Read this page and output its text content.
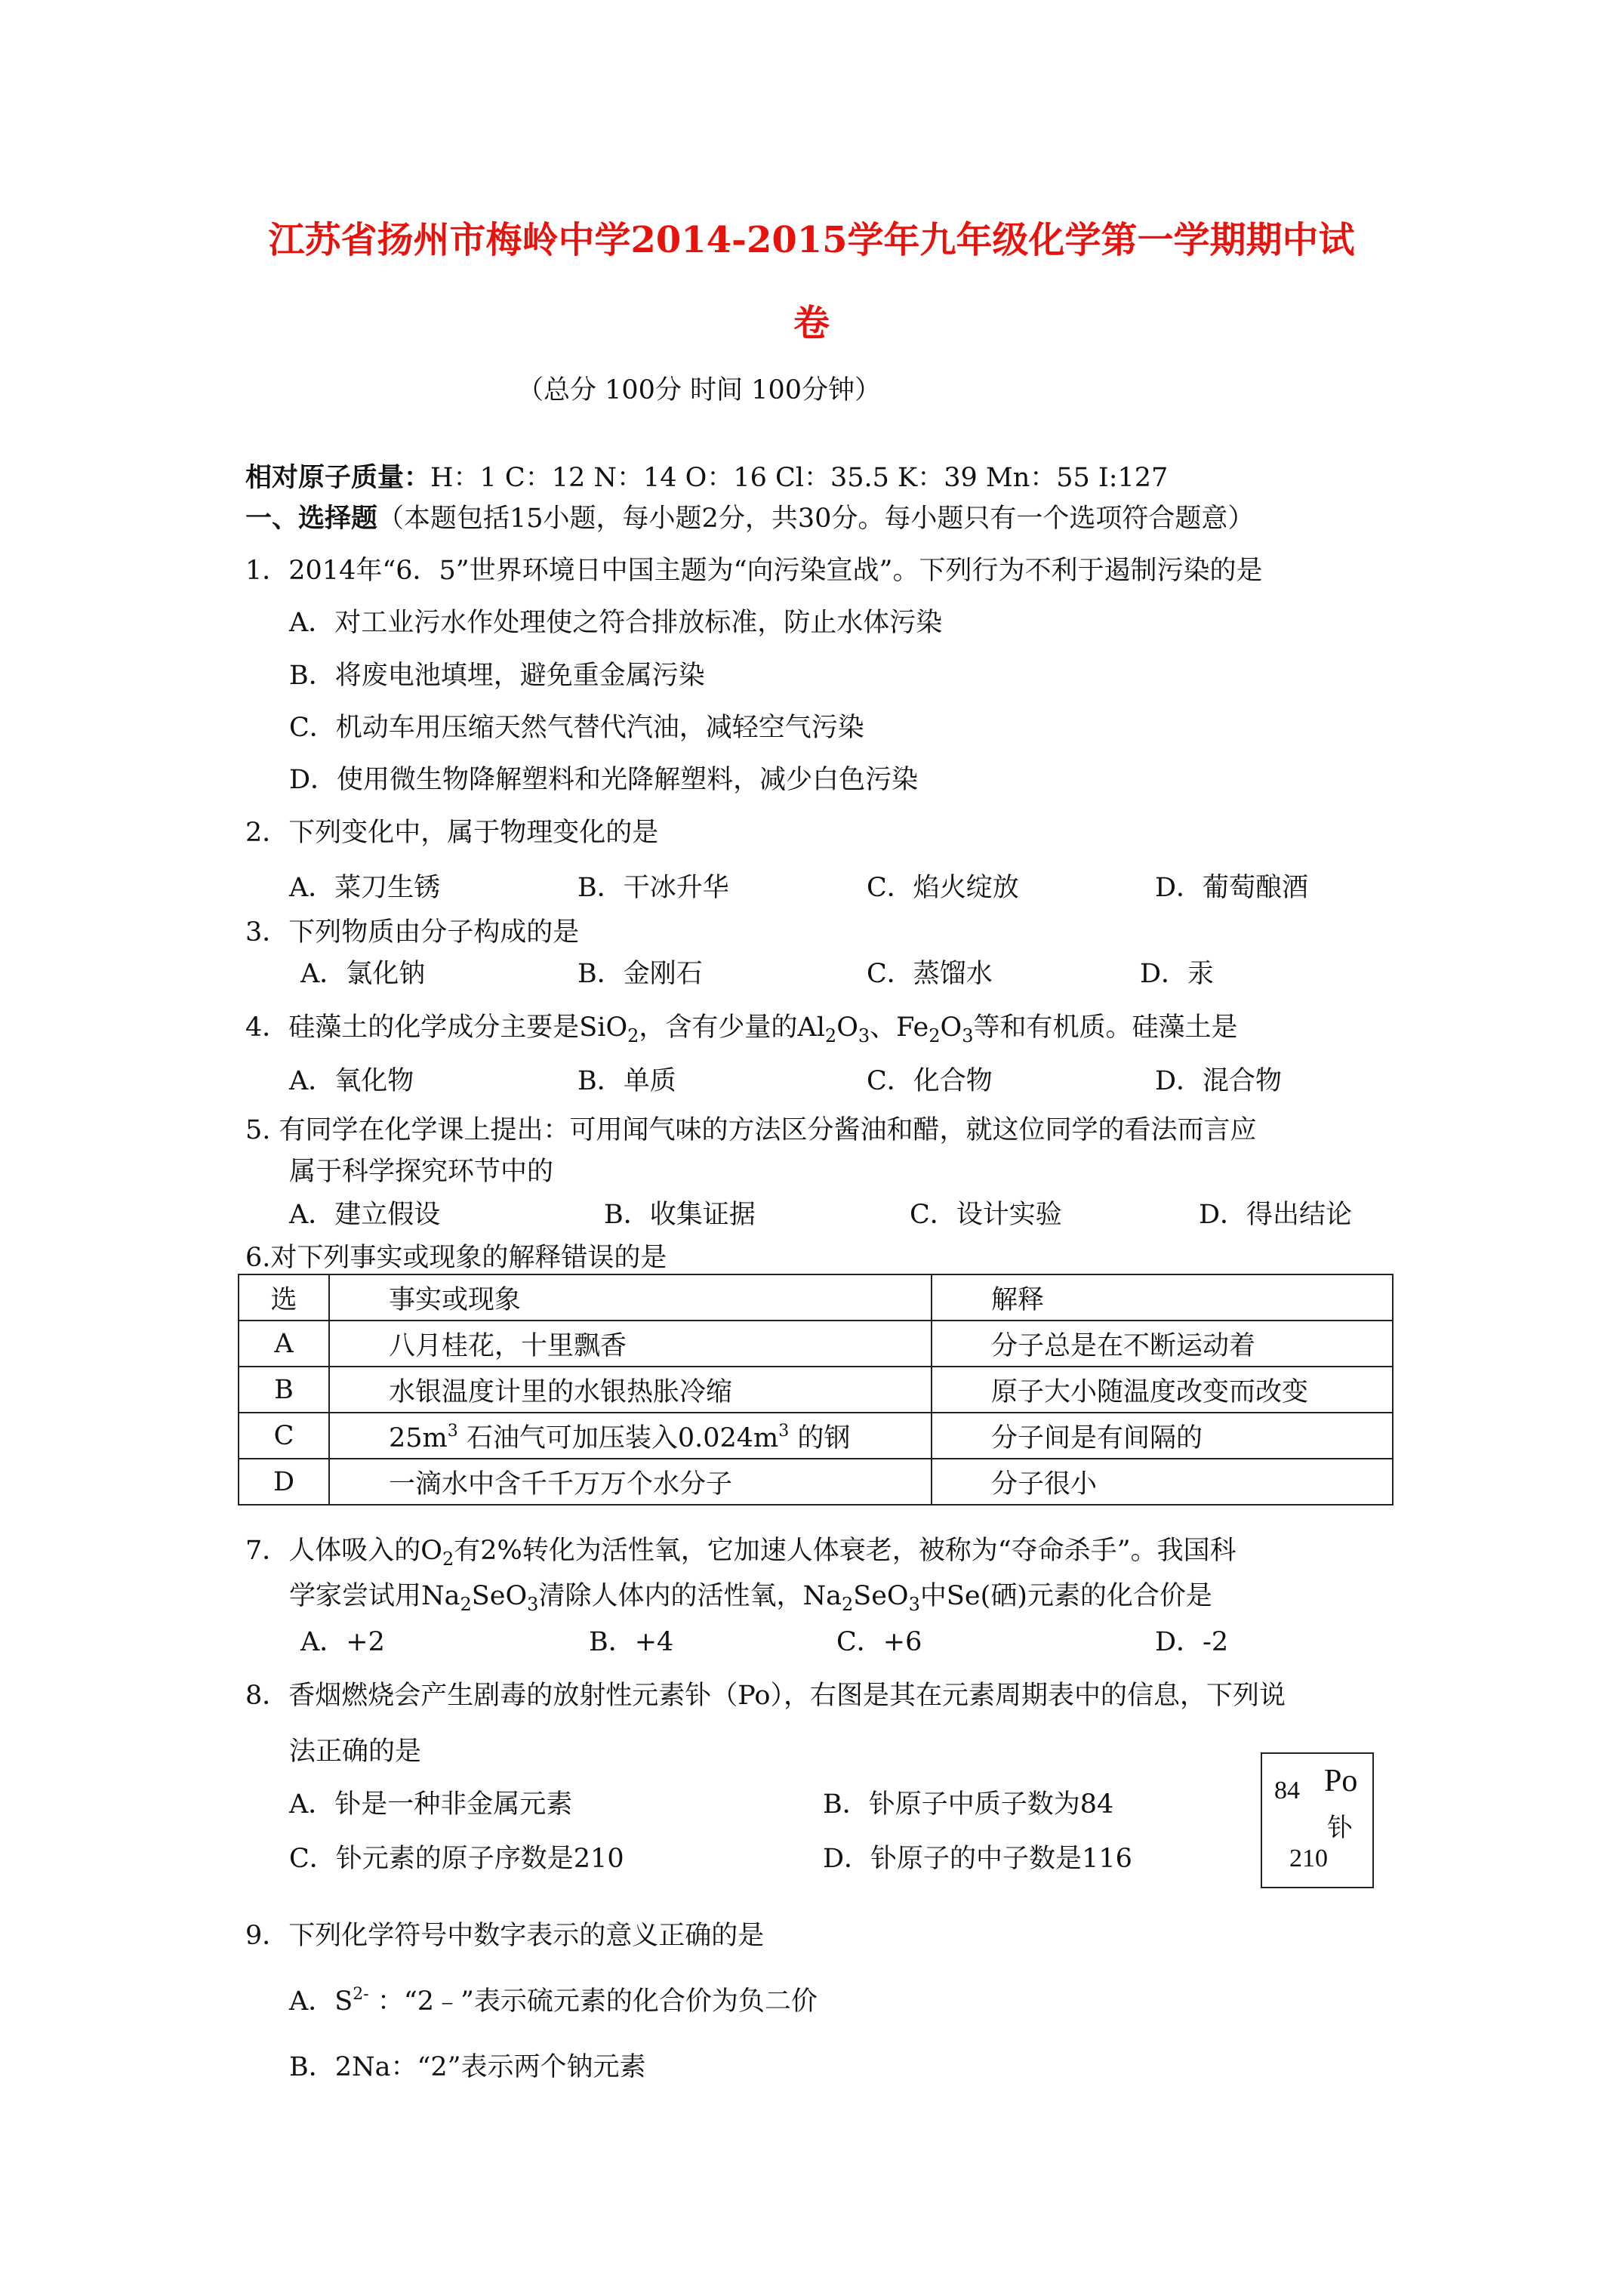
江苏省扬州市梅岭中学2014-2015学年九年级化学第一学期期中试
卷

（总分 100分 时间 100分钟）

相对原子质量：H：1 C：12 N：14 O：16 Cl：35.5 K：39 Mn：55 I:127

一、选择题（本题包括15小题，每小题2分，共30分。每小题只有一个选项符合题意）

1．2014年“6．5”世界环境日中国主题为“向污染宣战”。下列行为不利于遏制污染的是

A．对工业污水作处理使之符合排放标准，防止水体污染

B．将废电池填埋，避免重金属污染

C．机动车用压缩天然气替代汽油，减轻空气污染

D．使用微生物降解塑料和光降解塑料，减少白色污染

2．下列变化中，属于物理变化的是

A．菜刀生锈	B．干冰升华	C．焰火绽放	D．葡萄酿酒

3．下列物质由分子构成的是

A．氯化钠	B．金刚石	C．蒸馏水	D．汞

4．硅藻土的化学成分主要是SiO$_2$，含有少量的$Al_2O_3$、$Fe_2O_3$等和有机质。硅藻土是

A．氧化物	B．单质	C．化合物	D．混合物

5. 有同学在化学课上提出：可用闻气味的方法区分酱油和醋，就这位同学的看法而言应

属于科学探究环节中的

A．建立假设	B．收集证据	C．设计实验	D．得出结论

6.对下列事实或现象的解释错误的是

选	事实或现象	解释
A	八月桂花，十里飘香	分子总是在不断运动着
B	水银温度计里的水银热胀冷缩	原子大小随温度改变而改变
C	$25m^3$ 石油气可加压装入$0.024m^3$ 的钢	分子间是有间隔的
D	一滴水中含千千万万个水分子	分子很小

7．人体吸入的$O_2$有2%转化为活性氧，它加速人体衰老，被称为“夺命杀手”。我国科

学家尝试用$Na_2SeO_3$清除人体内的活性氧，$Na_2SeO_3$中Se(硒)元素的化合价是

A．+2	B．+4	C．+6	D．-2

8．香烟燃烧会产生剧毒的放射性元素钋（Po），右图是其在元素周期表中的信息，下列说

法正确的是

A．钋是一种非金属元素	B．钋原子中质子数为84

C．钋元素的原子序数是210	D．钋原子的中子数是116

84 Po
钋
210

9．下列化学符号中数字表示的意义正确的是

A．$S^{2-}$ ：“2﹣”表示硫元素的化合价为负二价

B．2Na：“2”表示两个钠元素
